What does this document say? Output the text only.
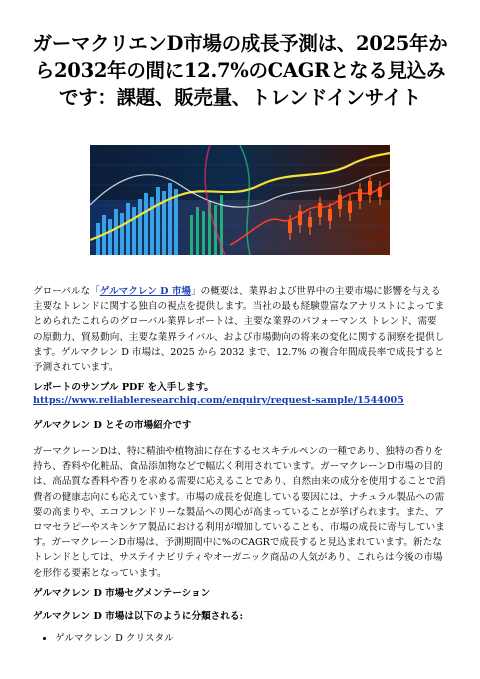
ガーマクリエンD市場の成長予測は、2025年から2032年の間に12.7%のCAGRとなる見込みです：課題、販売量、トレンドインサイト

グローバルな「ゲルマクレン D 市場」の概要は、業界および世界中の主要市場に影響を与える主要なトレンドに関する独自の視点を提供します。当社の最も経験豊富なアナリストによってまとめられたこれらのグローバル業界レポートは、主要な業界のパフォーマンス トレンド、需要の原動力、貿易動向、主要な業界ライバル、および市場動向の将来の変化に関する洞察を提供します。ゲルマクレン D 市場は、2025 から 2032 まで、12.7% の複合年間成長率で成長すると予測されています。

レポートのサンプル PDF を入手します。 https://www.reliableresearchiq.com/enquiry/request-sample/1544005

ゲルマクレン D とその市場紹介です

ガーマクレーンDは、特に精油や植物油に存在するセスキテルペンの一種であり、独特の香りを持ち、香料や化粧品、食品添加物などで幅広く利用されています。ガーマクレーンD市場の目的は、高品質な香料や香りを求める需要に応えることであり、自然由来の成分を使用することで消費者の健康志向にも応えています。市場の成長を促進している要因には、ナチュラル製品への需要の高まりや、エコフレンドリーな製品への関心が高まっていることが挙げられます。また、アロマセラピーやスキンケア製品における利用が増加していることも、市場の成長に寄与しています。ガーマクレーンD市場は、予測期間中に%のCAGRで成長すると見込まれています。新たなトレンドとしては、サステイナビリティやオーガニック商品の人気があり、これらは今後の市場を形作る要素となっています。

ゲルマクレン D 市場セグメンテーション

ゲルマクレン D 市場は以下のように分類される:

• ゲルマクレン D クリスタル
